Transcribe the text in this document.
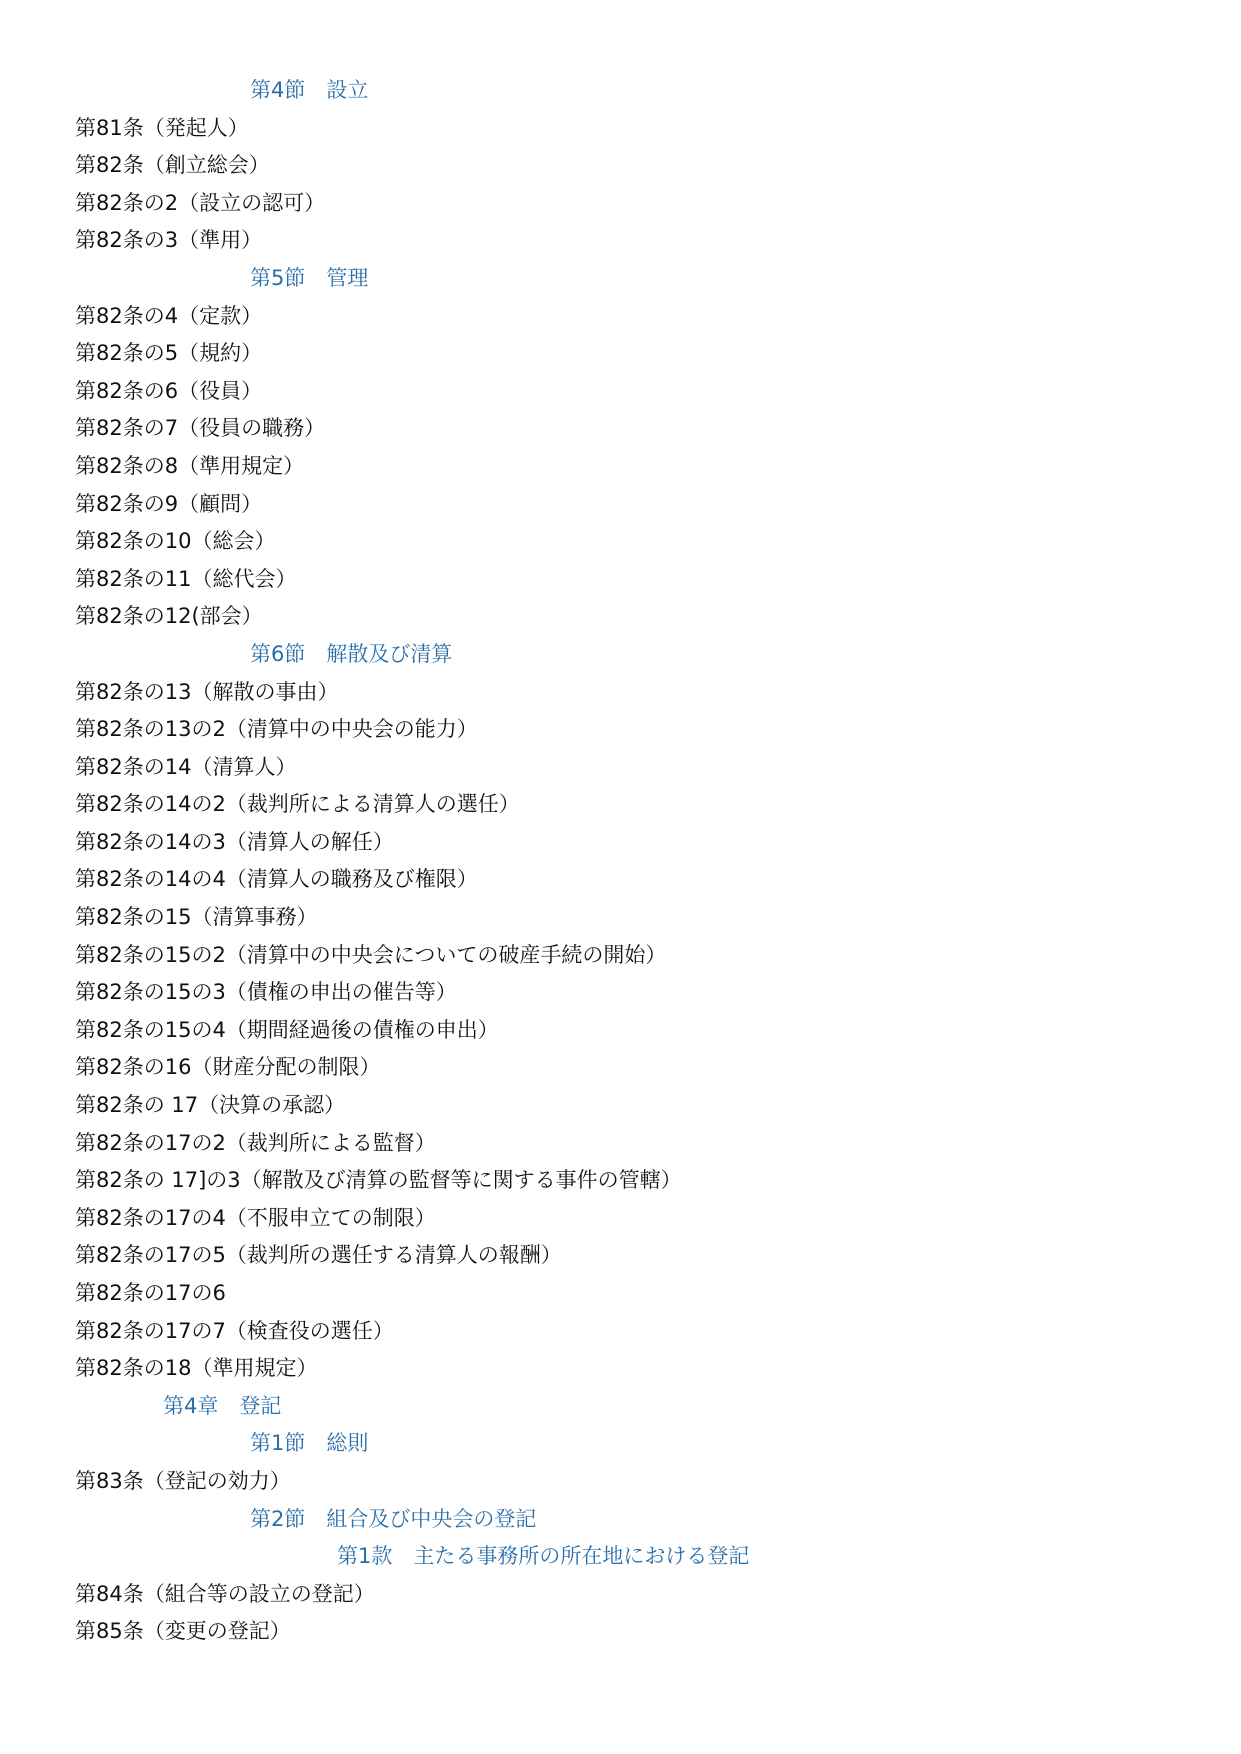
第4節　設立
第81条（発起人）
第82条（創立総会）
第82条の2（設立の認可）
第82条の3（準用）
第5節　管理
第82条の4（定款）
第82条の5（規約）
第82条の6（役員）
第82条の7（役員の職務）
第82条の8（準用規定）
第82条の9（顧問）
第82条の10（総会）
第82条の11（総代会）
第82条の12(部会）
第6節　解散及び清算
第82条の13（解散の事由）
第82条の13の2（清算中の中央会の能力）
第82条の14（清算人）
第82条の14の2（裁判所による清算人の選任）
第82条の14の3（清算人の解任）
第82条の14の4（清算人の職務及び権限）
第82条の15（清算事務）
第82条の15の2（清算中の中央会についての破産手続の開始）
第82条の15の3（債権の申出の催告等）
第82条の15の4（期間経過後の債権の申出）
第82条の16（財産分配の制限）
第82条の 17（決算の承認）
第82条の17の2（裁判所による監督）
第82条の 17]の3（解散及び清算の監督等に関する事件の管轄）
第82条の17の4（不服申立ての制限）
第82条の17の5（裁判所の選任する清算人の報酬）
第82条の17の6
第82条の17の7（検査役の選任）
第82条の18（準用規定）
第4章　登記
第1節　総則
第83条（登記の効力）
第2節　組合及び中央会の登記
第1款　主たる事務所の所在地における登記
第84条（組合等の設立の登記）
第85条（変更の登記）
